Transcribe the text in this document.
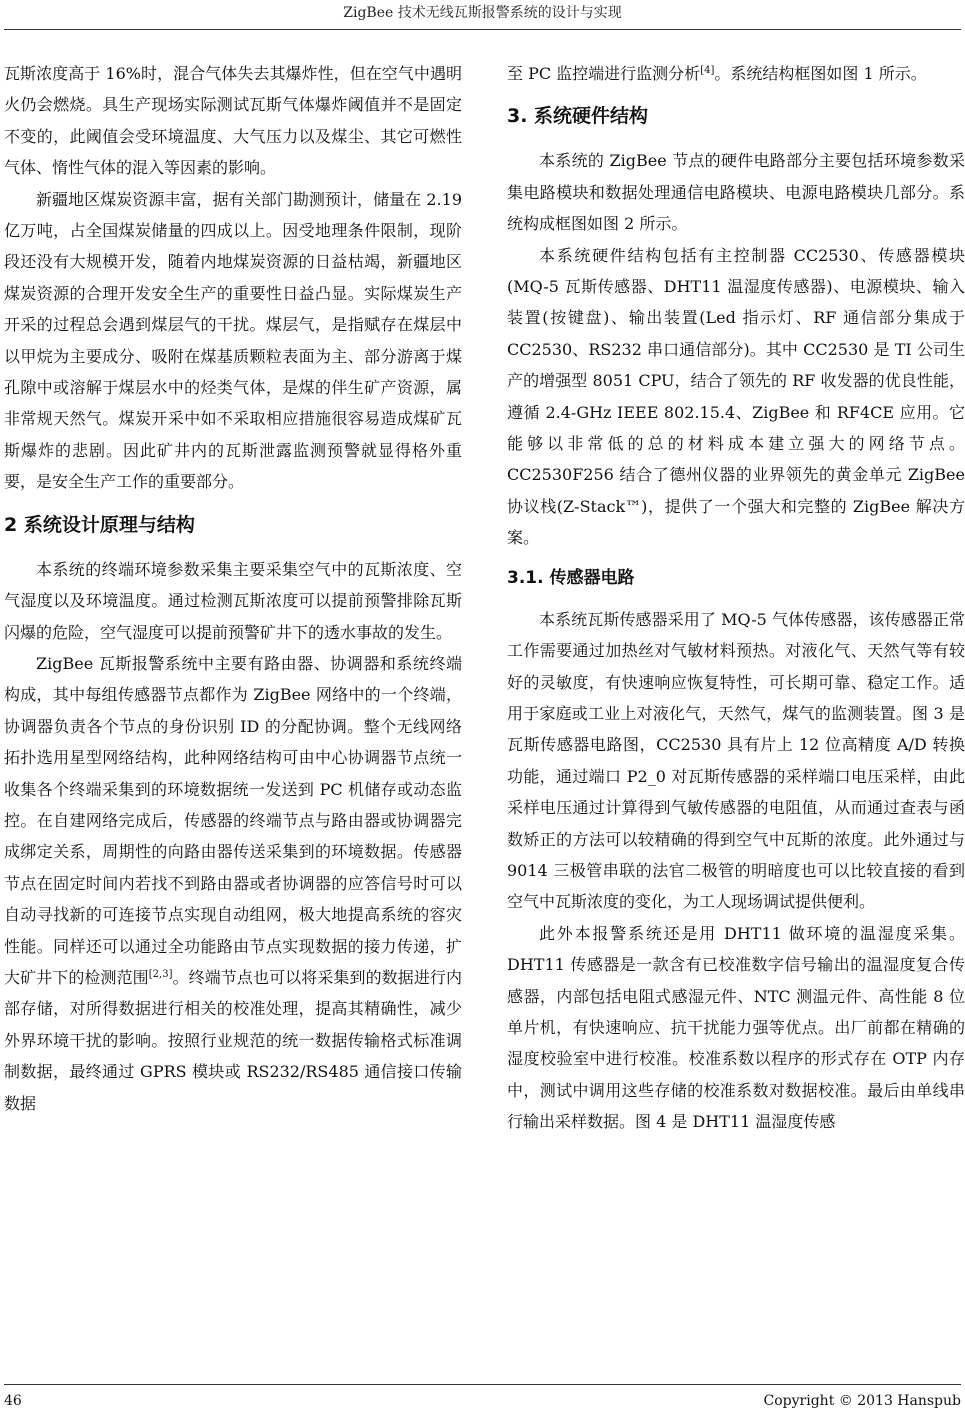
ZigBee 技术无线瓦斯报警系统的设计与实现

瓦斯浓度高于 16%时，混合气体失去其爆炸性，但在空气中遇明火仍会燃烧。具生产现场实际测试瓦斯气体爆炸阈值并不是固定不变的，此阈值会受环境温度、大气压力以及煤尘、其它可燃性气体、惰性气体的混入等因素的影响。

新疆地区煤炭资源丰富，据有关部门勘测预计，储量在 2.19 亿万吨，占全国煤炭储量的四成以上。因受地理条件限制，现阶段还没有大规模开发，随着内地煤炭资源的日益枯竭，新疆地区煤炭资源的合理开发安全生产的重要性日益凸显。实际煤炭生产开采的过程总会遇到煤层气的干扰。煤层气，是指赋存在煤层中以甲烷为主要成分、吸附在煤基质颗粒表面为主、部分游离于煤孔隙中或溶解于煤层水中的烃类气体，是煤的伴生矿产资源，属非常规天然气。煤炭开采中如不采取相应措施很容易造成煤矿瓦斯爆炸的悲剧。因此矿井内的瓦斯泄露监测预警就显得格外重要，是安全生产工作的重要部分。

2 系统设计原理与结构

本系统的终端环境参数采集主要采集空气中的瓦斯浓度、空气湿度以及环境温度。通过检测瓦斯浓度可以提前预警排除瓦斯闪爆的危险，空气湿度可以提前预警矿井下的透水事故的发生。

ZigBee 瓦斯报警系统中主要有路由器、协调器和系统终端构成，其中每组传感器节点都作为 ZigBee 网络中的一个终端，协调器负责各个节点的身份识别 ID 的分配协调。整个无线网络拓扑选用星型网络结构，此种网络结构可由中心协调器节点统一收集各个终端采集到的环境数据统一发送到 PC 机储存或动态监控。在自建网络完成后，传感器的终端节点与路由器或协调器完成绑定关系，周期性的向路由器传送采集到的环境数据。传感器节点在固定时间内若找不到路由器或者协调器的应答信号时可以自动寻找新的可连接节点实现自动组网，极大地提高系统的容灾性能。同样还可以通过全功能路由节点实现数据的接力传递，扩大矿井下的检测范围[2,3]。终端节点也可以将采集到的数据进行内部存储，对所得数据进行相关的校准处理，提高其精确性，减少外界环境干扰的影响。按照行业规范的统一数据传输格式标准调制数据，最终通过 GPRS 模块或 RS232/RS485 通信接口传输数据

至 PC 监控端进行监测分析[4]。系统结构框图如图 1 所示。

3. 系统硬件结构

本系统的 ZigBee 节点的硬件电路部分主要包括环境参数采集电路模块和数据处理通信电路模块、电源电路模块几部分。系统构成框图如图 2 所示。

本系统硬件结构包括有主控制器 CC2530、传感器模块(MQ-5 瓦斯传感器、DHT11 温湿度传感器)、电源模块、输入装置(按键盘)、输出装置(Led 指示灯、RF 通信部分集成于 CC2530、RS232 串口通信部分)。其中 CC2530 是 TI 公司生产的增强型 8051 CPU，结合了领先的 RF 收发器的优良性能，遵循 2.4-GHz IEEE 802.15.4、ZigBee 和 RF4CE 应用。它能够以非常低的总的材料成本建立强大的网络节点。CC2530F256 结合了德州仪器的业界领先的黄金单元 ZigBee 协议栈(Z-Stack™)，提供了一个强大和完整的 ZigBee 解决方案。

3.1. 传感器电路

本系统瓦斯传感器采用了 MQ-5 气体传感器，该传感器正常工作需要通过加热丝对气敏材料预热。对液化气、天然气等有较好的灵敏度，有快速响应恢复特性，可长期可靠、稳定工作。适用于家庭或工业上对液化气，天然气，煤气的监测装置。图 3 是瓦斯传感器电路图，CC2530 具有片上 12 位高精度 A/D 转换功能，通过端口 P2_0 对瓦斯传感器的采样端口电压采样，由此采样电压通过计算得到气敏传感器的电阻值，从而通过查表与函数矫正的方法可以较精确的得到空气中瓦斯的浓度。此外通过与 9014 三极管串联的法官二极管的明暗度也可以比较直接的看到空气中瓦斯浓度的变化，为工人现场调试提供便利。

此外本报警系统还是用 DHT11 做环境的温湿度采集。DHT11 传感器是一款含有已校准数字信号输出的温湿度复合传感器，内部包括电阻式感湿元件、NTC 测温元件、高性能 8 位单片机，有快速响应、抗干扰能力强等优点。出厂前都在精确的湿度校验室中进行校准。校准系数以程序的形式存在 OTP 内存中，测试中调用这些存储的校准系数对数据校准。最后由单线串行输出采样数据。图 4 是 DHT11 温湿度传感

46	Copyright © 2013 Hanspub
